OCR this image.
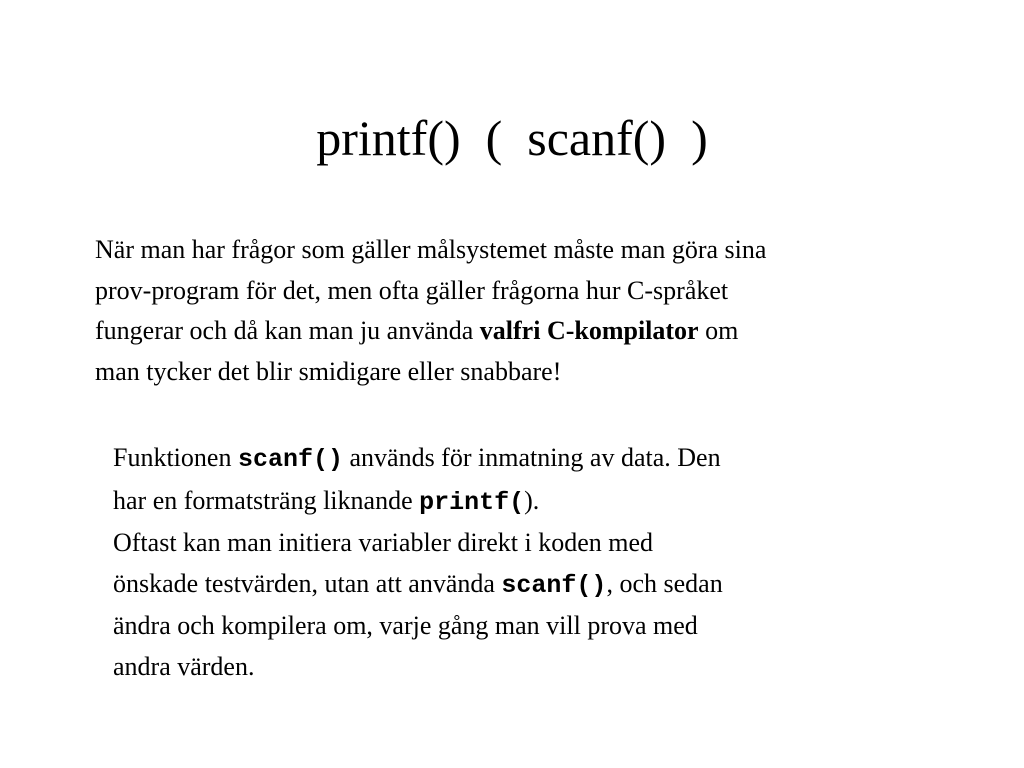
printf()  (  scanf()  )
När man har frågor som gäller målsystemet måste man göra sina
prov-program för det, men ofta gäller frågorna hur C-språket
fungerar och då kan man ju använda valfri C-kompilator om
man tycker det blir smidigare eller snabbare!
Funktionen scanf() används för inmatning av data. Den
har en formatsträng liknande printf().
Oftast kan man initiera variabler direkt i koden med
önskade testvärden, utan att använda scanf(), och sedan
ändra och kompilera om, varje gång man vill prova med
andra värden.
